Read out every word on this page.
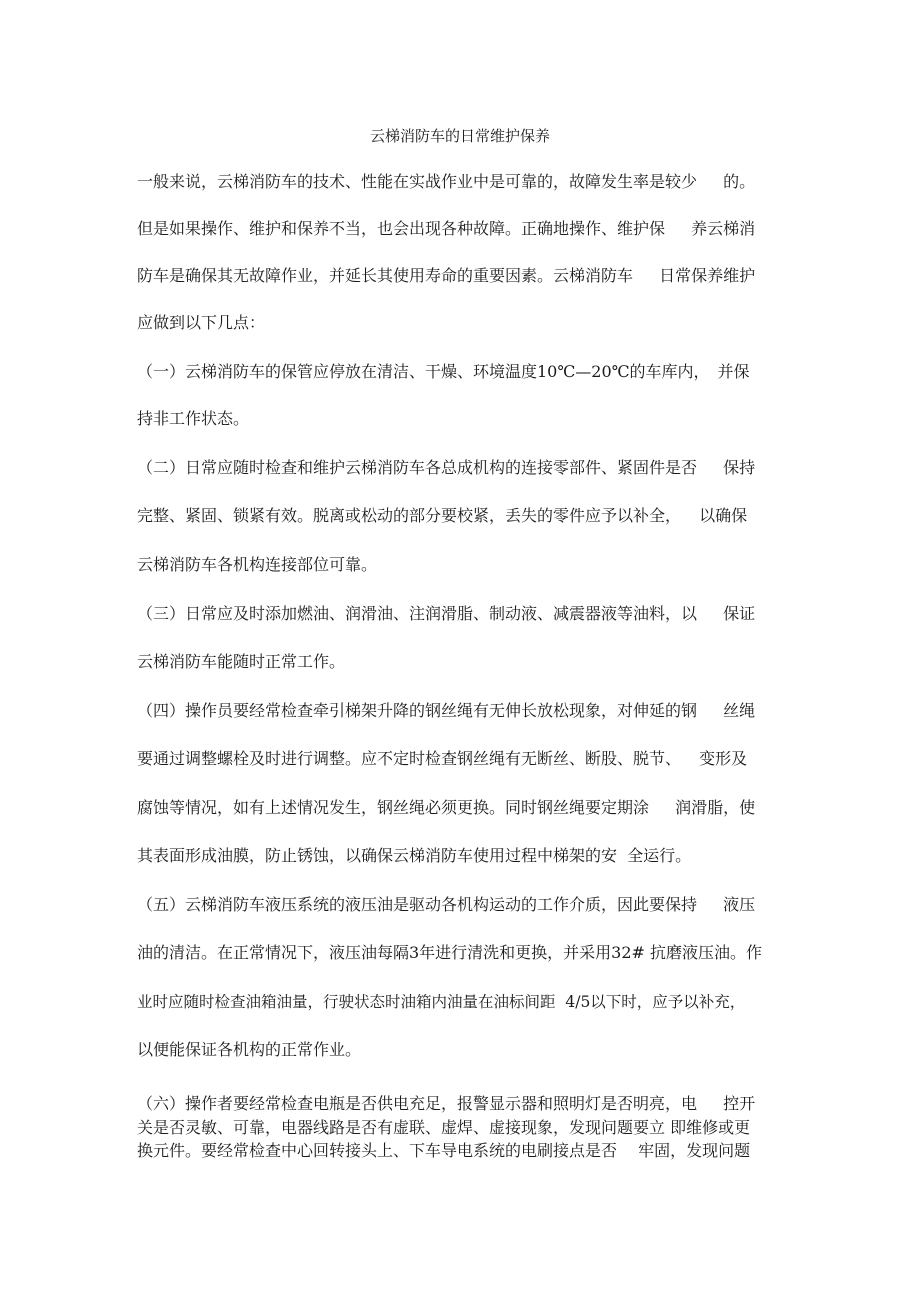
云梯消防车的日常维护保养
一般来说，云梯消防车的技术、性能在实战作业中是可靠的，故障发生率是较少　  的。
但是如果操作、维护和保养不当，也会出现各种故障。正确地操作、维护保　  养云梯消
防车是确保其无故障作业，并延长其使用寿命的重要因素。云梯消防车　  日常保养维护
应做到以下几点：
（一）云梯消防车的保管应停放在清洁、干燥、环境温度10℃—20℃的车库内，　并保
持非工作状态。
（二）日常应随时检查和维护云梯消防车各总成机构的连接零部件、紧固件是否　  保持
完整、紧固、锁紧有效。脱离或松动的部分要校紧，丢失的零件应予以补全，　  以确保
云梯消防车各机构连接部位可靠。
（三）日常应及时添加燃油、润滑油、注润滑脂、制动液、减震器液等油料，以　  保证
云梯消防车能随时正常工作。
（四）操作员要经常检查牵引梯架升降的钢丝绳有无伸长放松现象，对伸延的钢　  丝绳
要通过调整螺栓及时进行调整。应不定时检查钢丝绳有无断丝、断股、脱节、　  变形及
腐蚀等情况，如有上述情况发生，钢丝绳必须更换。同时钢丝绳要定期涂　  润滑脂，使
其表面形成油膜，防止锈蚀，以确保云梯消防车使用过程中梯架的安  全运行。
（五）云梯消防车液压系统的液压油是驱动各机构运动的工作介质，因此要保持　  液压
油的清洁。在正常情况下，液压油每隔3年进行清洗和更换，并采用32# 抗磨液压油。作
业时应随时检查油箱油量，行驶状态时油箱内油量在油标间距  4/5以下时，应予以补充，
以便能保证各机构的正常作业。
（六）操作者要经常检查电瓶是否供电充足，报警显示器和照明灯是否明亮，电　  控开
关是否灵敏、可靠，电器线路是否有虚联、虚焊、虚接现象，发现问题要立 即维修或更
换元件。要经常检查中心回转接头上、下车导电系统的电刷接点是否　 牢固，发现问题
